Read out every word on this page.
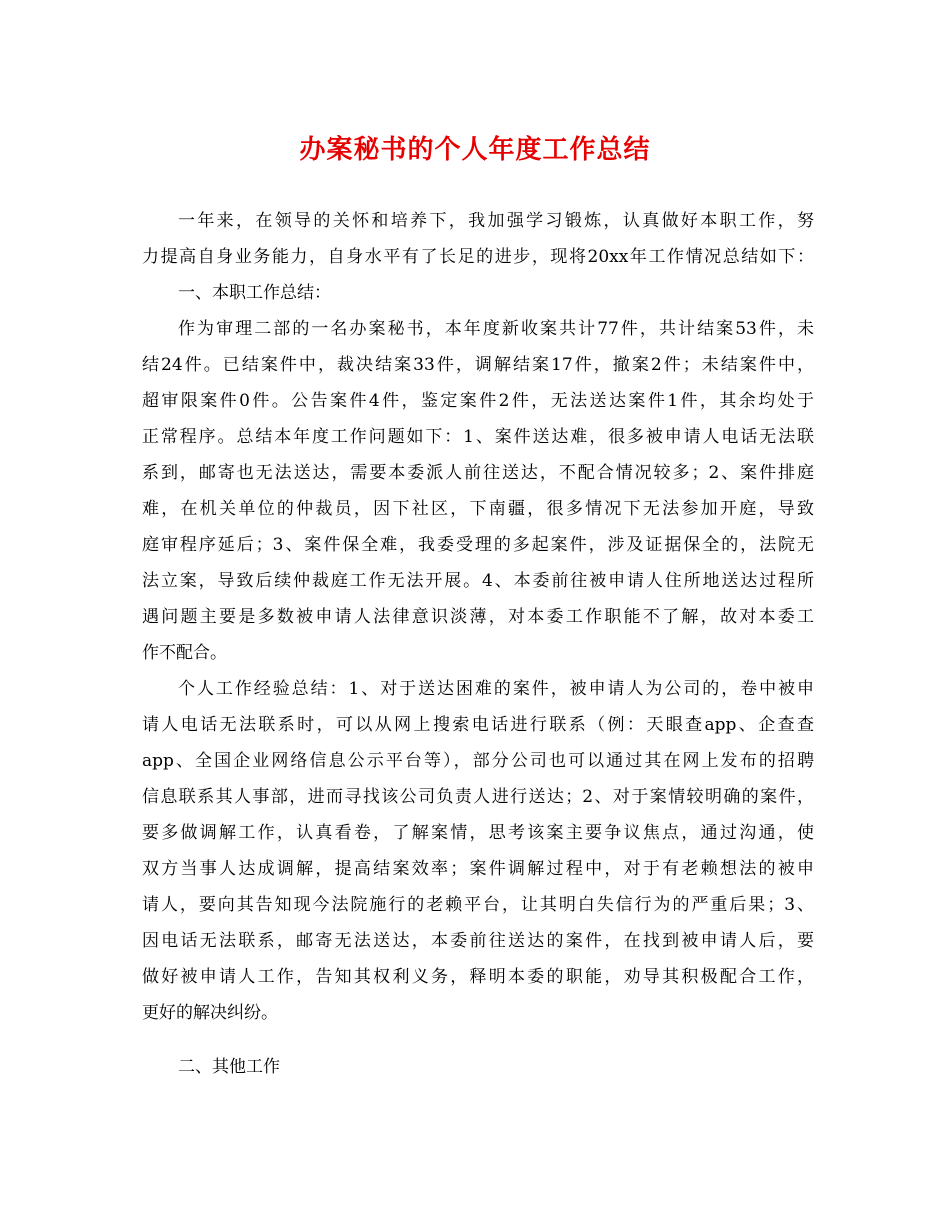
办案秘书的个人年度工作总结
一年来，在领导的关怀和培养下，我加强学习锻炼，认真做好本职工作，努
力提高自身业务能力，自身水平有了长足的进步，现将20xx年工作情况总结如下：
一、本职工作总结：
作为审理二部的一名办案秘书，本年度新收案共计77件，共计结案53件，未
结24件。已结案件中，裁决结案33件，调解结案17件，撤案2件；未结案件中，
超审限案件0件。公告案件4件，鉴定案件2件，无法送达案件1件，其余均处于
正常程序。总结本年度工作问题如下：1、案件送达难，很多被申请人电话无法联
系到，邮寄也无法送达，需要本委派人前往送达，不配合情况较多；2、案件排庭
难，在机关单位的仲裁员，因下社区，下南疆，很多情况下无法参加开庭，导致
庭审程序延后；3、案件保全难，我委受理的多起案件，涉及证据保全的，法院无
法立案，导致后续仲裁庭工作无法开展。4、本委前往被申请人住所地送达过程所
遇问题主要是多数被申请人法律意识淡薄，对本委工作职能不了解，故对本委工
作不配合。
个人工作经验总结：1、对于送达困难的案件，被申请人为公司的，卷中被申
请人电话无法联系时，可以从网上搜索电话进行联系（例：天眼查app、企查查
app、全国企业网络信息公示平台等），部分公司也可以通过其在网上发布的招聘
信息联系其人事部，进而寻找该公司负责人进行送达；2、对于案情较明确的案件，
要多做调解工作，认真看卷，了解案情，思考该案主要争议焦点，通过沟通，使
双方当事人达成调解，提高结案效率；案件调解过程中，对于有老赖想法的被申
请人，要向其告知现今法院施行的老赖平台，让其明白失信行为的严重后果；3、
因电话无法联系，邮寄无法送达，本委前往送达的案件，在找到被申请人后，要
做好被申请人工作，告知其权利义务，释明本委的职能，劝导其积极配合工作，
更好的解决纠纷。
二、其他工作
